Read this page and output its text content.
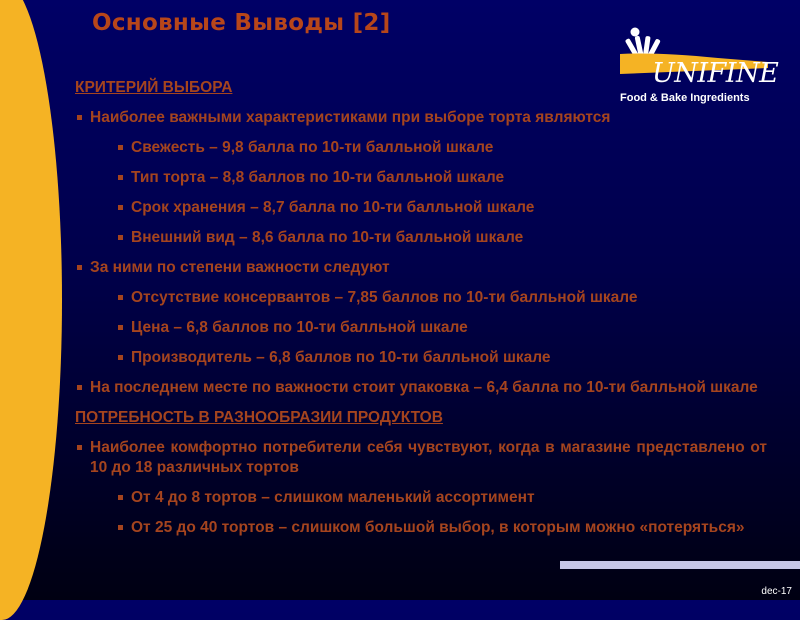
Основные Выводы [2]

UNIFINE

Food & Bake Ingredients

КРИТЕРИЙ ВЫБОРА
Наиболее важными характеристиками при выборе торта являются
Свежесть – 9,8 балла по 10-ти балльной шкале
Тип торта – 8,8 баллов по 10-ти балльной шкале
Срок хранения – 8,7 балла по 10-ти балльной шкале
Внешний вид – 8,6 балла по 10-ти балльной шкале
За ними по степени важности следуют
Отсутствие консервантов – 7,85 баллов по 10-ти балльной шкале
Цена – 6,8 баллов по 10-ти балльной шкале
Производитель – 6,8 баллов по 10-ти балльной шкале
На последнем месте по важности стоит упаковка – 6,4 балла по 10-ти балльной шкале
ПОТРЕБНОСТЬ В РАЗНООБРАЗИИ ПРОДУКТОВ
Наиболее комфортно потребители себя чувствуют, когда в магазине представлено от 10 до 18 различных тортов
От 4 до 8 тортов – слишком маленький ассортимент
От 25 до 40 тортов – слишком большой выбор, в которым можно «потеряться»

dec-17
